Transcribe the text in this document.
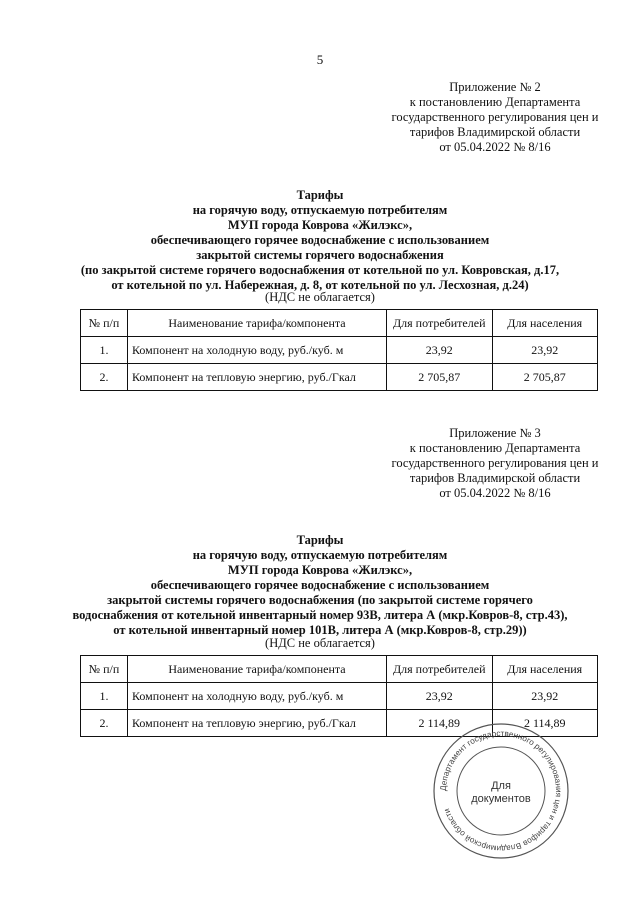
5
Приложение № 2
к постановлению Департамента
государственного регулирования цен и
тарифов Владимирской области
от 05.04.2022 № 8/16
Тарифы
на горячую воду, отпускаемую потребителям
МУП города Коврова «Жилэкс»,
обеспечивающего горячее водоснабжение с использованием
закрытой системы горячего водоснабжения
(по закрытой системе горячего водоснабжения от котельной по ул. Ковровская, д.17,
от котельной по ул. Набережная, д. 8, от котельной по ул. Лесхозная, д.24)
(НДС не облагается)
№ п/п	Наименование тарифа/компонента	Для потребителей	Для населения
1.	Компонент на холодную воду, руб./куб. м	23,92	23,92
2.	Компонент на тепловую энергию, руб./Гкал	2 705,87	2 705,87
Приложение № 3
к постановлению Департамента
государственного регулирования цен и
тарифов Владимирской области
от 05.04.2022 № 8/16
Тарифы
на горячую воду, отпускаемую потребителям
МУП города Коврова «Жилэкс»,
обеспечивающего горячее водоснабжение с использованием
закрытой системы горячего водоснабжения (по закрытой системе горячего
водоснабжения от котельной инвентарный номер 93В, литера А (мкр.Ковров-8, стр.43),
от котельной инвентарный номер 101В, литера А (мкр.Ковров-8, стр.29))
(НДС не облагается)
№ п/п	Наименование тарифа/компонента	Для потребителей	Для населения
1.	Компонент на холодную воду, руб./куб. м	23,92	23,92
2.	Компонент на тепловую энергию, руб./Гкал	2 114,89	2 114,89
Департамент государственного регулирования цен и тарифов Владимирской области
Для
документов
